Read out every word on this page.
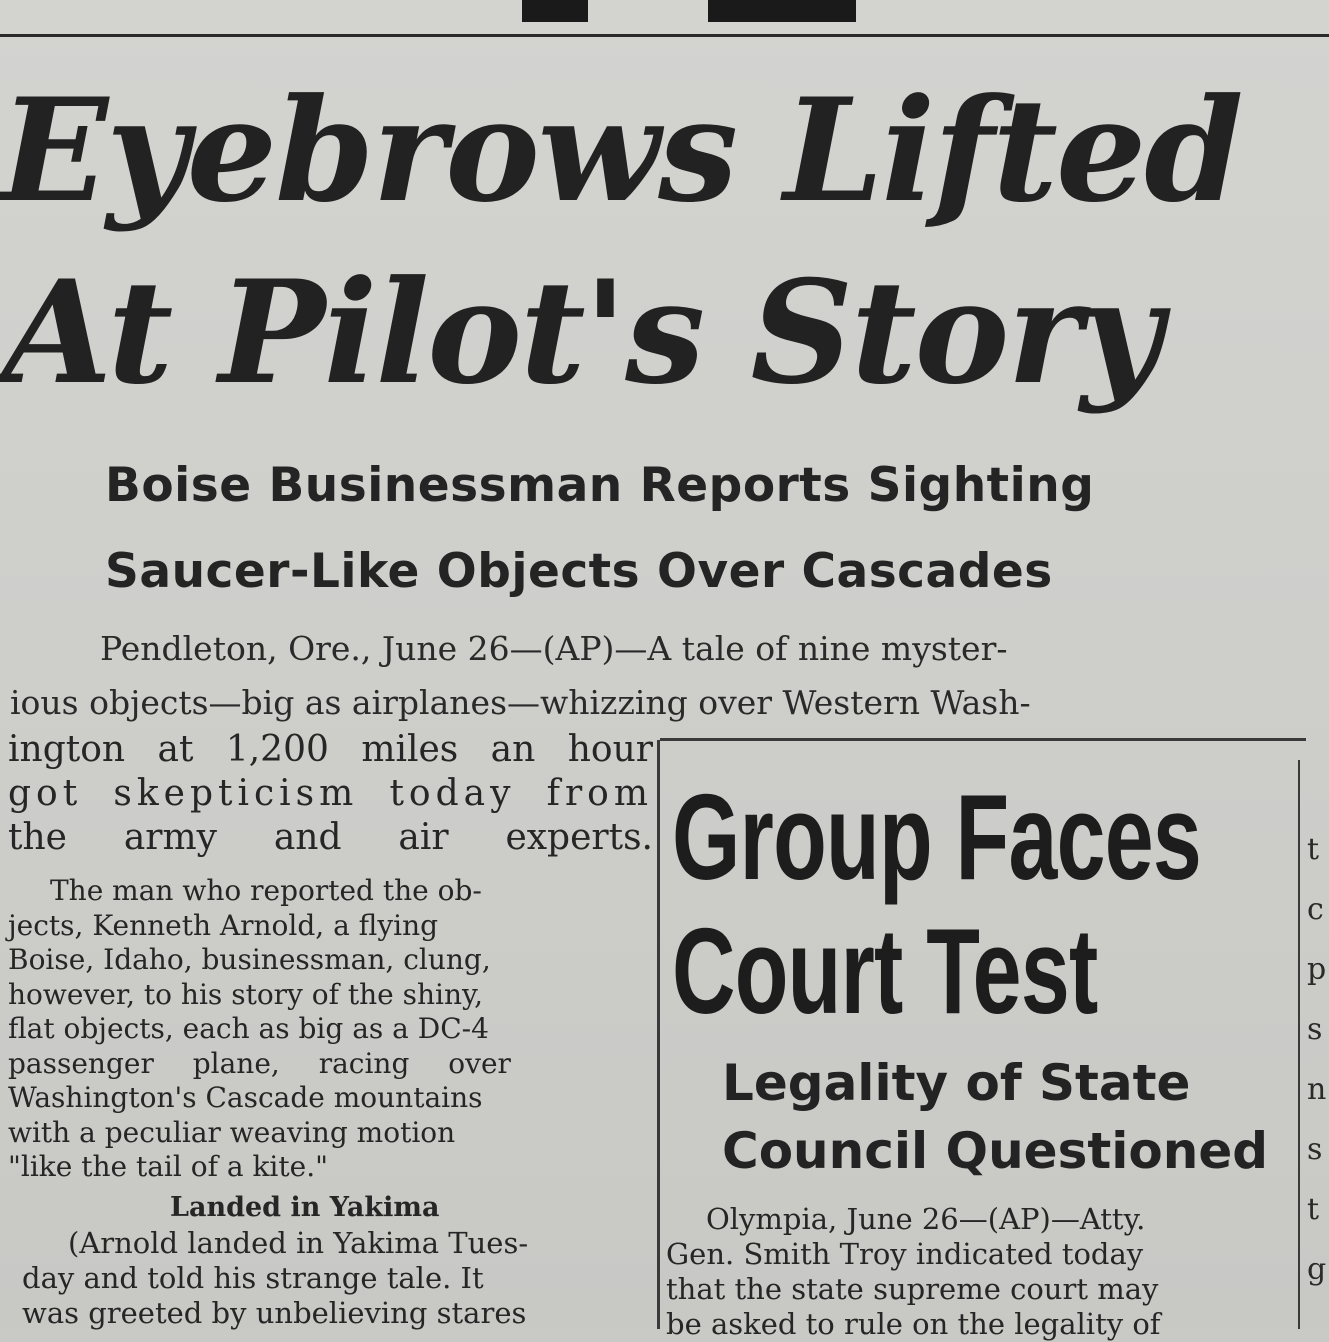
Eyebrows Lifted
At Pilot's Story
Boise Businessman Reports Sighting
Saucer-Like Objects Over Cascades
Pendleton, Ore., June 26—(AP)—A tale of nine myster-
ious objects—big as airplanes—whizzing over Western Wash-
ington at 1,200 miles an hour
got skepticism today from
the army and air experts.
The man who reported the ob-
jects, Kenneth Arnold, a flying
Boise, Idaho, businessman, clung,
however, to his story of the shiny,
flat objects, each as big as a DC-4
passenger plane, racing over
Washington's Cascade mountains
with a peculiar weaving motion
"like the tail of a kite."
Landed in Yakima
(Arnold landed in Yakima Tues-
day and told his strange tale. It
was greeted by unbelieving stares
Group Faces
Court Test
Legality of State
Council Questioned
Olympia, June 26—(AP)—Atty.
Gen. Smith Troy indicated today
that the state supreme court may
be asked to rule on the legality of
t
c
p
s
n
s
t
g
